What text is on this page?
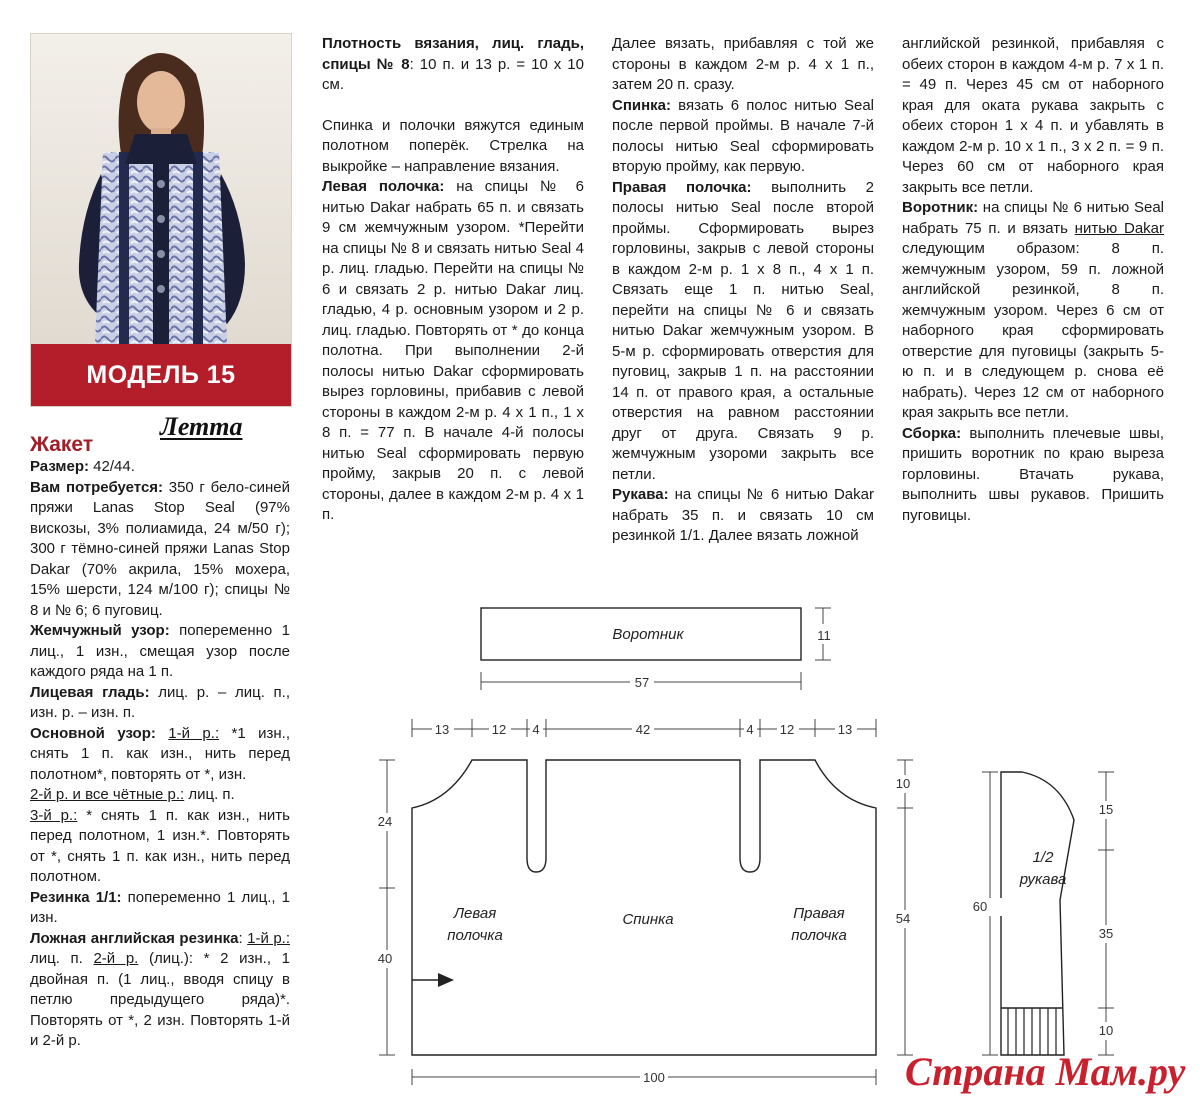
МОДЕЛЬ 15
Летта

Жакет

Размер: 42/44.

Вам потребуется: 350 г бело-синей пряжи Lanas Stop Seal (97% вискозы, 3% полиамида, 24 м/50 г); 300 г тёмно-синей пряжи Lanas Stop Dakar (70% акрила, 15% мохера, 15% шерсти, 124 м/100 г); спицы № 8 и № 6; 6 пуговиц.

Жемчужный узор: попеременно 1 лиц., 1 изн., смещая узор после каждого ряда на 1 п.

Лицевая гладь: лиц. р. – лиц. п., изн. р. – изн. п.

Основной узор: 1-й р.: *1 изн., снять 1 п. как изн., нить перед полотном*, повторять от *, изн.
2-й р. и все чётные р.: лиц. п.
3-й р.: * снять 1 п. как изн., нить перед полотном, 1 изн.*. Повторять от *, снять 1 п. как изн., нить перед полотном.

Резинка 1/1: попеременно 1 лиц., 1 изн.

Ложная английская резинка: 1-й р.: лиц. п. 2-й р. (лиц.): * 2 изн., 1 двойная п. (1 лиц., вводя спицу в петлю предыдущего ряда)*. Повторять от *, 2 изн. Повторять 1-й и 2-й р.

Плотность вязания, лиц. гладь, спицы № 8: 10 п. и 13 р. = 10 х 10 см.

Спинка и полочки вяжутся единым полотном поперёк. Стрелка на выкройке – направление вязания.

Левая полочка: на спицы № 6 нитью Dakar набрать 65 п. и связать 9 см жемчужным узором. *Перейти на спицы № 8 и связать нитью Seal 4 р. лиц. гладью. Перейти на спицы № 6 и связать 2 р. нитью Dakar лиц. гладью, 4 р. основным узором и 2 р. лиц. гладью. Повторять от * до конца полотна. При выполнении 2-й полосы нитью Dakar сформировать вырез горловины, прибавив с левой стороны в каждом 2-м р. 4 х 1 п., 1 х 8 п. = 77 п. В начале 4-й полосы нитью Seal сформировать первую пройму, закрыв 20 п. с левой стороны, далее в каждом 2-м р. 4 х 1 п.

Далее вязать, прибавляя с той же стороны в каждом 2-м р. 4 х 1 п., затем 20 п. сразу.

Спинка: вязать 6 полос нитью Seal после первой проймы. В начале 7-й полосы нитью Seal сформировать вторую пройму, как первую.

Правая полочка: выполнить 2 полосы нитью Seal после второй проймы. Сформировать вырез горловины, закрыв с левой стороны в каждом 2-м р. 1 х 8 п., 4 х 1 п. Связать еще 1 п. нитью Seal, перейти на спицы № 6 и связать нитью Dakar жемчужным узором. В 5-м р. сформировать отверстия для пуговиц, закрыв 1 п. на расстоянии 14 п. от правого края, а остальные отверстия на равном расстоянии друг от друга. Связать 9 р. жемчужным узороми закрыть все петли.

Рукава: на спицы № 6 нитью Dakar набрать 35 п. и связать 10 см резинкой 1/1. Далее вязать ложной

английской резинкой, прибавляя с обеих сторон в каждом 4-м р. 7 х 1 п. = 49 п. Через 45 см от наборного края для оката рукава закрыть с обеих сторон 1 х 4 п. и убавлять в каждом 2-м р. 10 х 1 п., 3 х 2 п. = 9 п. Через 60 см от наборного края закрыть все петли.

Воротник: на спицы № 6 нитью Seal набрать 75 п. и вязать нитью Dakar следующим образом: 8 п. жемчужным узором, 59 п. ложной английской резинкой, 8 п. жемчужным узором. Через 6 см от наборного края сформировать отверстие для пуговицы (закрыть 5-ю п. и в следующем р. снова её набрать). Через 12 см от наборного края закрыть все петли.

Сборка: выполнить плечевые швы, пришить воротник по краю выреза горловины. Втачать рукава, выполнить швы рукавов. Пришить пуговицы.

57
11
13	12 4	42	4 12	13
24
40
10
54
100
60
15
35
10
Воротник
Левая
полочка
Спинка	Правая
полочка
1/2
рукава
Страна Мам.ру
